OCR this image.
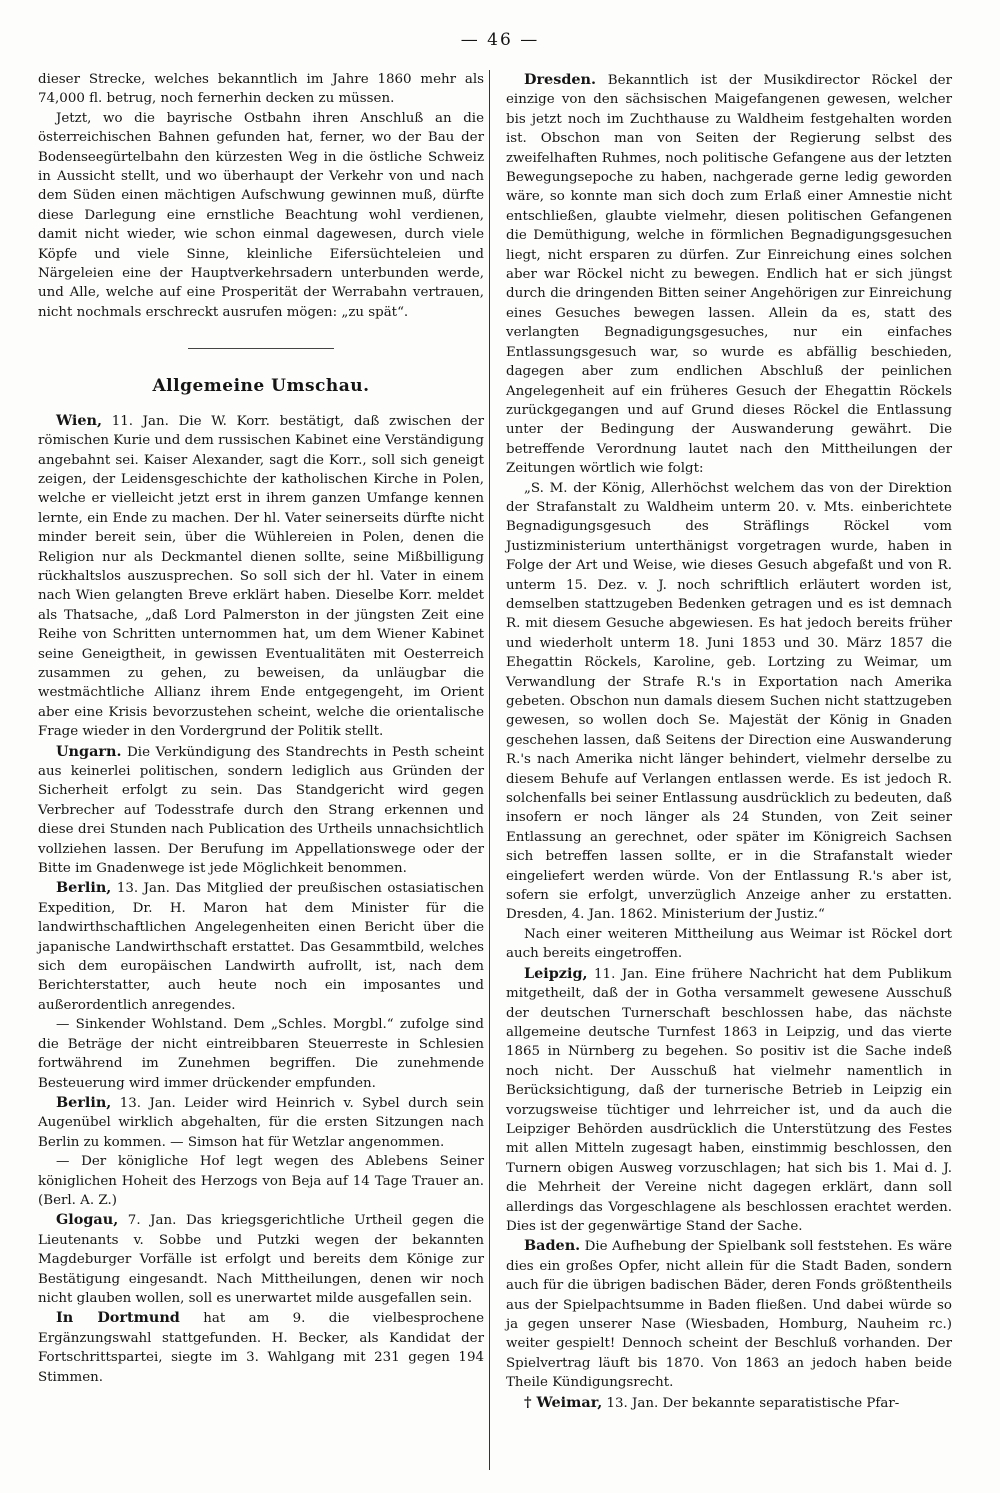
— 46 —

dieser Strecke, welches bekanntlich im Jahre 1860 mehr als 74,000 fl. betrug, noch fernerhin decken zu müssen.

Jetzt, wo die bayrische Ostbahn ihren Anschluß an die österreichischen Bahnen gefunden hat, ferner, wo der Bau der Bodenseegürtelbahn den kürzesten Weg in die östliche Schweiz in Aussicht stellt, und wo überhaupt der Verkehr von und nach dem Süden einen mächtigen Aufschwung gewinnen muß, dürfte diese Darlegung eine ernstliche Beachtung wohl verdienen, damit nicht wieder, wie schon einmal dagewesen, durch viele Köpfe und viele Sinne, kleinliche Eifersüchteleien und Närgeleien eine der Hauptverkehrsadern unterbunden werde, und Alle, welche auf eine Prosperität der Werrabahn vertrauen, nicht nochmals erschreckt ausrufen mögen: „zu spät“.

Allgemeine Umschau.

Wien, 11. Jan. Die W. Korr. bestätigt, daß zwischen der römischen Kurie und dem russischen Kabinet eine Verständigung angebahnt sei. Kaiser Alexander, sagt die Korr., soll sich geneigt zeigen, der Leidensgeschichte der katholischen Kirche in Polen, welche er vielleicht jetzt erst in ihrem ganzen Umfange kennen lernte, ein Ende zu machen. Der hl. Vater seinerseits dürfte nicht minder bereit sein, über die Wühlereien in Polen, denen die Religion nur als Deckmantel dienen sollte, seine Mißbilligung rückhaltslos auszusprechen. So soll sich der hl. Vater in einem nach Wien gelangten Breve erklärt haben. Dieselbe Korr. meldet als Thatsache, „daß Lord Palmerston in der jüngsten Zeit eine Reihe von Schritten unternommen hat, um dem Wiener Kabinet seine Geneigtheit, in gewissen Eventualitäten mit Oesterreich zusammen zu gehen, zu beweisen, da unläugbar die westmächtliche Allianz ihrem Ende entgegengeht, im Orient aber eine Krisis bevorzustehen scheint, welche die orientalische Frage wieder in den Vordergrund der Politik stellt.

Ungarn. Die Verkündigung des Standrechts in Pesth scheint aus keinerlei politischen, sondern lediglich aus Gründen der Sicherheit erfolgt zu sein. Das Standgericht wird gegen Verbrecher auf Todesstrafe durch den Strang erkennen und diese drei Stunden nach Publication des Urtheils unnachsichtlich vollziehen lassen. Der Berufung im Appellationswege oder der Bitte im Gnadenwege ist jede Möglichkeit benommen.

Berlin, 13. Jan. Das Mitglied der preußischen ostasiatischen Expedition, Dr. H. Maron hat dem Minister für die landwirthschaftlichen Angelegenheiten einen Bericht über die japanische Landwirthschaft erstattet. Das Gesammtbild, welches sich dem europäischen Landwirth aufrollt, ist, nach dem Berichterstatter, auch heute noch ein imposantes und außerordentlich anregendes.

— Sinkender Wohlstand. Dem „Schles. Morgbl.“ zufolge sind die Beträge der nicht eintreibbaren Steuerreste in Schlesien fortwährend im Zunehmen begriffen. Die zunehmende Besteuerung wird immer drückender empfunden.

Berlin, 13. Jan. Leider wird Heinrich v. Sybel durch sein Augenübel wirklich abgehalten, für die ersten Sitzungen nach Berlin zu kommen. — Simson hat für Wetzlar angenommen.

— Der königliche Hof legt wegen des Ablebens Seiner königlichen Hoheit des Herzogs von Beja auf 14 Tage Trauer an. (Berl. A. Z.)

Glogau, 7. Jan. Das kriegsgerichtliche Urtheil gegen die Lieutenants v. Sobbe und Putzki wegen der bekannten Magdeburger Vorfälle ist erfolgt und bereits dem Könige zur Bestätigung eingesandt. Nach Mittheilungen, denen wir noch nicht glauben wollen, soll es unerwartet milde ausgefallen sein.

In Dortmund hat am 9. die vielbesprochene Ergänzungswahl stattgefunden. H. Becker, als Kandidat der Fortschrittspartei, siegte im 3. Wahlgang mit 231 gegen 194 Stimmen.

Dresden. Bekanntlich ist der Musikdirector Röckel der einzige von den sächsischen Maigefangenen gewesen, welcher bis jetzt noch im Zuchthause zu Waldheim festgehalten worden ist. Obschon man von Seiten der Regierung selbst des zweifelhaften Ruhmes, noch politische Gefangene aus der letzten Bewegungsepoche zu haben, nachgerade gerne ledig geworden wäre, so konnte man sich doch zum Erlaß einer Amnestie nicht entschließen, glaubte vielmehr, diesen politischen Gefangenen die Demüthigung, welche in förmlichen Begnadigungsgesuchen liegt, nicht ersparen zu dürfen. Zur Einreichung eines solchen aber war Röckel nicht zu bewegen. Endlich hat er sich jüngst durch die dringenden Bitten seiner Angehörigen zur Einreichung eines Gesuches bewegen lassen. Allein da es, statt des verlangten Begnadigungsgesuches, nur ein einfaches Entlassungsgesuch war, so wurde es abfällig beschieden, dagegen aber zum endlichen Abschluß der peinlichen Angelegenheit auf ein früheres Gesuch der Ehegattin Röckels zurückgegangen und auf Grund dieses Röckel die Entlassung unter der Bedingung der Auswanderung gewährt. Die betreffende Verordnung lautet nach den Mittheilungen der Zeitungen wörtlich wie folgt:

„S. M. der König, Allerhöchst welchem das von der Direktion der Strafanstalt zu Waldheim unterm 20. v. Mts. einberichtete Begnadigungsgesuch des Sträflings Röckel vom Justizministerium unterthänigst vorgetragen wurde, haben in Folge der Art und Weise, wie dieses Gesuch abgefaßt und von R. unterm 15. Dez. v. J. noch schriftlich erläutert worden ist, demselben stattzugeben Bedenken getragen und es ist demnach R. mit diesem Gesuche abgewiesen. Es hat jedoch bereits früher und wiederholt unterm 18. Juni 1853 und 30. März 1857 die Ehegattin Röckels, Karoline, geb. Lortzing zu Weimar, um Verwandlung der Strafe R.'s in Exportation nach Amerika gebeten. Obschon nun damals diesem Suchen nicht stattzugeben gewesen, so wollen doch Se. Majestät der König in Gnaden geschehen lassen, daß Seitens der Direction eine Auswanderung R.'s nach Amerika nicht länger behindert, vielmehr derselbe zu diesem Behufe auf Verlangen entlassen werde. Es ist jedoch R. solchenfalls bei seiner Entlassung ausdrücklich zu bedeuten, daß insofern er noch länger als 24 Stunden, von Zeit seiner Entlassung an gerechnet, oder später im Königreich Sachsen sich betreffen lassen sollte, er in die Strafanstalt wieder eingeliefert werden würde. Von der Entlassung R.'s aber ist, sofern sie erfolgt, unverzüglich Anzeige anher zu erstatten. Dresden, 4. Jan. 1862. Ministerium der Justiz.“

Nach einer weiteren Mittheilung aus Weimar ist Röckel dort auch bereits eingetroffen.

Leipzig, 11. Jan. Eine frühere Nachricht hat dem Publikum mitgetheilt, daß der in Gotha versammelt gewesene Ausschuß der deutschen Turnerschaft beschlossen habe, das nächste allgemeine deutsche Turnfest 1863 in Leipzig, und das vierte 1865 in Nürnberg zu begehen. So positiv ist die Sache indeß noch nicht. Der Ausschuß hat vielmehr namentlich in Berücksichtigung, daß der turnerische Betrieb in Leipzig ein vorzugsweise tüchtiger und lehrreicher ist, und da auch die Leipziger Behörden ausdrücklich die Unterstützung des Festes mit allen Mitteln zugesagt haben, einstimmig beschlossen, den Turnern obigen Ausweg vorzuschlagen; hat sich bis 1. Mai d. J. die Mehrheit der Vereine nicht dagegen erklärt, dann soll allerdings das Vorgeschlagene als beschlossen erachtet werden. Dies ist der gegenwärtige Stand der Sache.

Baden. Die Aufhebung der Spielbank soll feststehen. Es wäre dies ein großes Opfer, nicht allein für die Stadt Baden, sondern auch für die übrigen badischen Bäder, deren Fonds größtentheils aus der Spielpachtsumme in Baden fließen. Und dabei würde so ja gegen unserer Nase (Wiesbaden, Homburg, Nauheim rc.) weiter gespielt! Dennoch scheint der Beschluß vorhanden. Der Spielvertrag läuft bis 1870. Von 1863 an jedoch haben beide Theile Kündigungsrecht.

† Weimar, 13. Jan. Der bekannte separatistische Pfar-
